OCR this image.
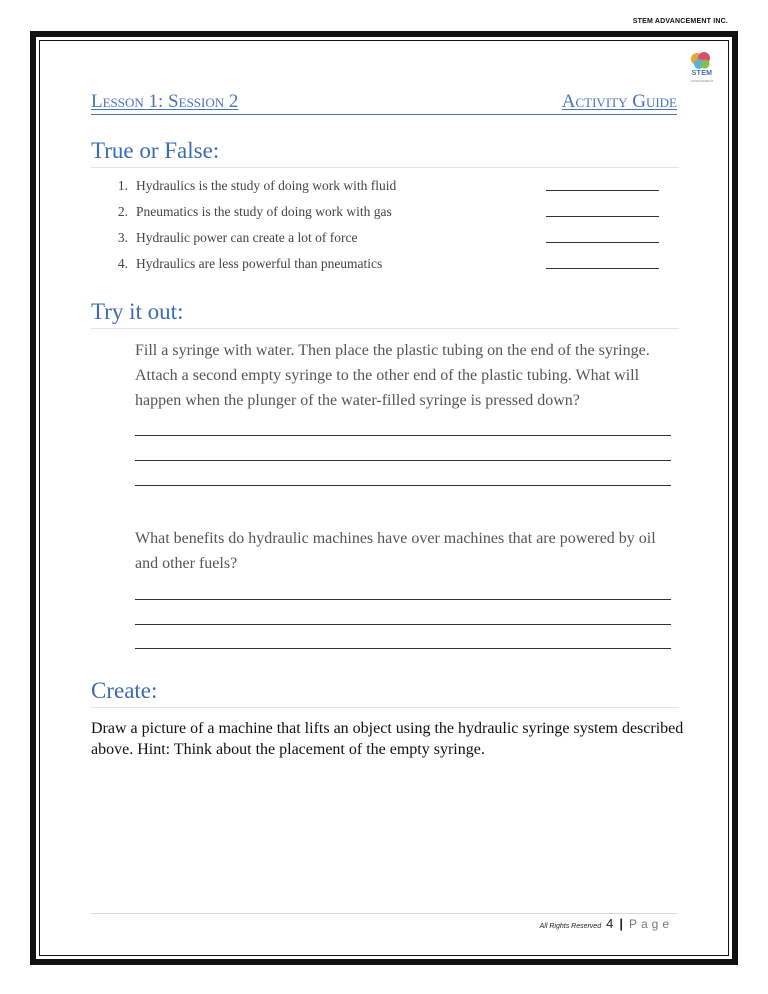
STEM ADVANCEMENT INC.
STEM
ADVANCEMENT
Lesson 1: Session 2	Activity Guide
True or False:
1. Hydraulics is the study of doing work with fluid
2. Pneumatics is the study of doing work with gas
3. Hydraulic power can create a lot of force
4. Hydraulics are less powerful than pneumatics
Try it out:
Fill a syringe with water. Then place the plastic tubing on the end of the syringe. Attach a second empty syringe to the other end of the plastic tubing. What will happen when the plunger of the water-filled syringe is pressed down?
What benefits do hydraulic machines have over machines that are powered by oil and other fuels?
Create:
Draw a picture of a machine that lifts an object using the hydraulic syringe system described above. Hint: Think about the placement of the empty syringe.
All Rights Reserved 4 | Page
